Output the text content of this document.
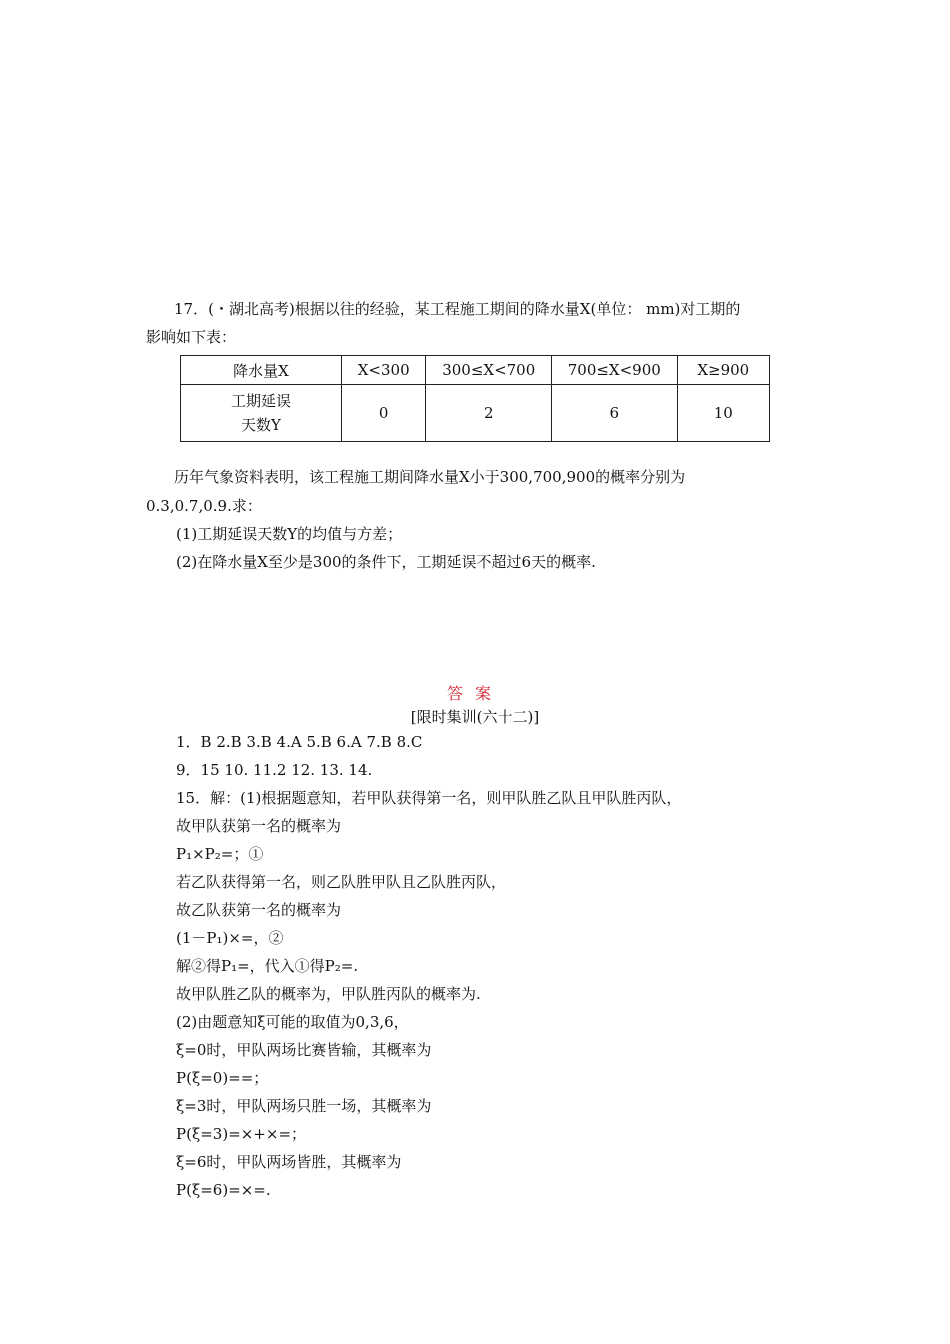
17．(・湖北高考)根据以往的经验，某工程施工期间的降水量X(单位： mm)对工期的
影响如下表：
降水量X	X<300	300≤X<700	700≤X<900	X≥900

工期延误
天数Y	0	2	6	10
历年气象资料表明，该工程施工期间降水量X小于300,700,900的概率分别为
0.3,0.7,0.9.求：
(1)工期延误天数Y的均值与方差；
(2)在降水量X至少是300的条件下，工期延误不超过6天的概率.
答案
[限时集训(六十二)]
1．B 2.B 3.B 4.A 5.B 6.A 7.B 8.C
9．15 10. 11.2 12. 13. 14.
15．解：(1)根据题意知，若甲队获得第一名，则甲队胜乙队且甲队胜丙队，
故甲队获第一名的概率为
P₁×P₂=；①
若乙队获得第一名，则乙队胜甲队且乙队胜丙队，
故乙队获第一名的概率为
(1－P₁)×=，②
解②得P₁=，代入①得P₂=.
故甲队胜乙队的概率为，甲队胜丙队的概率为.
(2)由题意知ξ可能的取值为0,3,6，
ξ=0时，甲队两场比赛皆输，其概率为
P(ξ=0)==；
ξ=3时，甲队两场只胜一场，其概率为
P(ξ=3)=×+×=；
ξ=6时，甲队两场皆胜，其概率为
P(ξ=6)=×=.
